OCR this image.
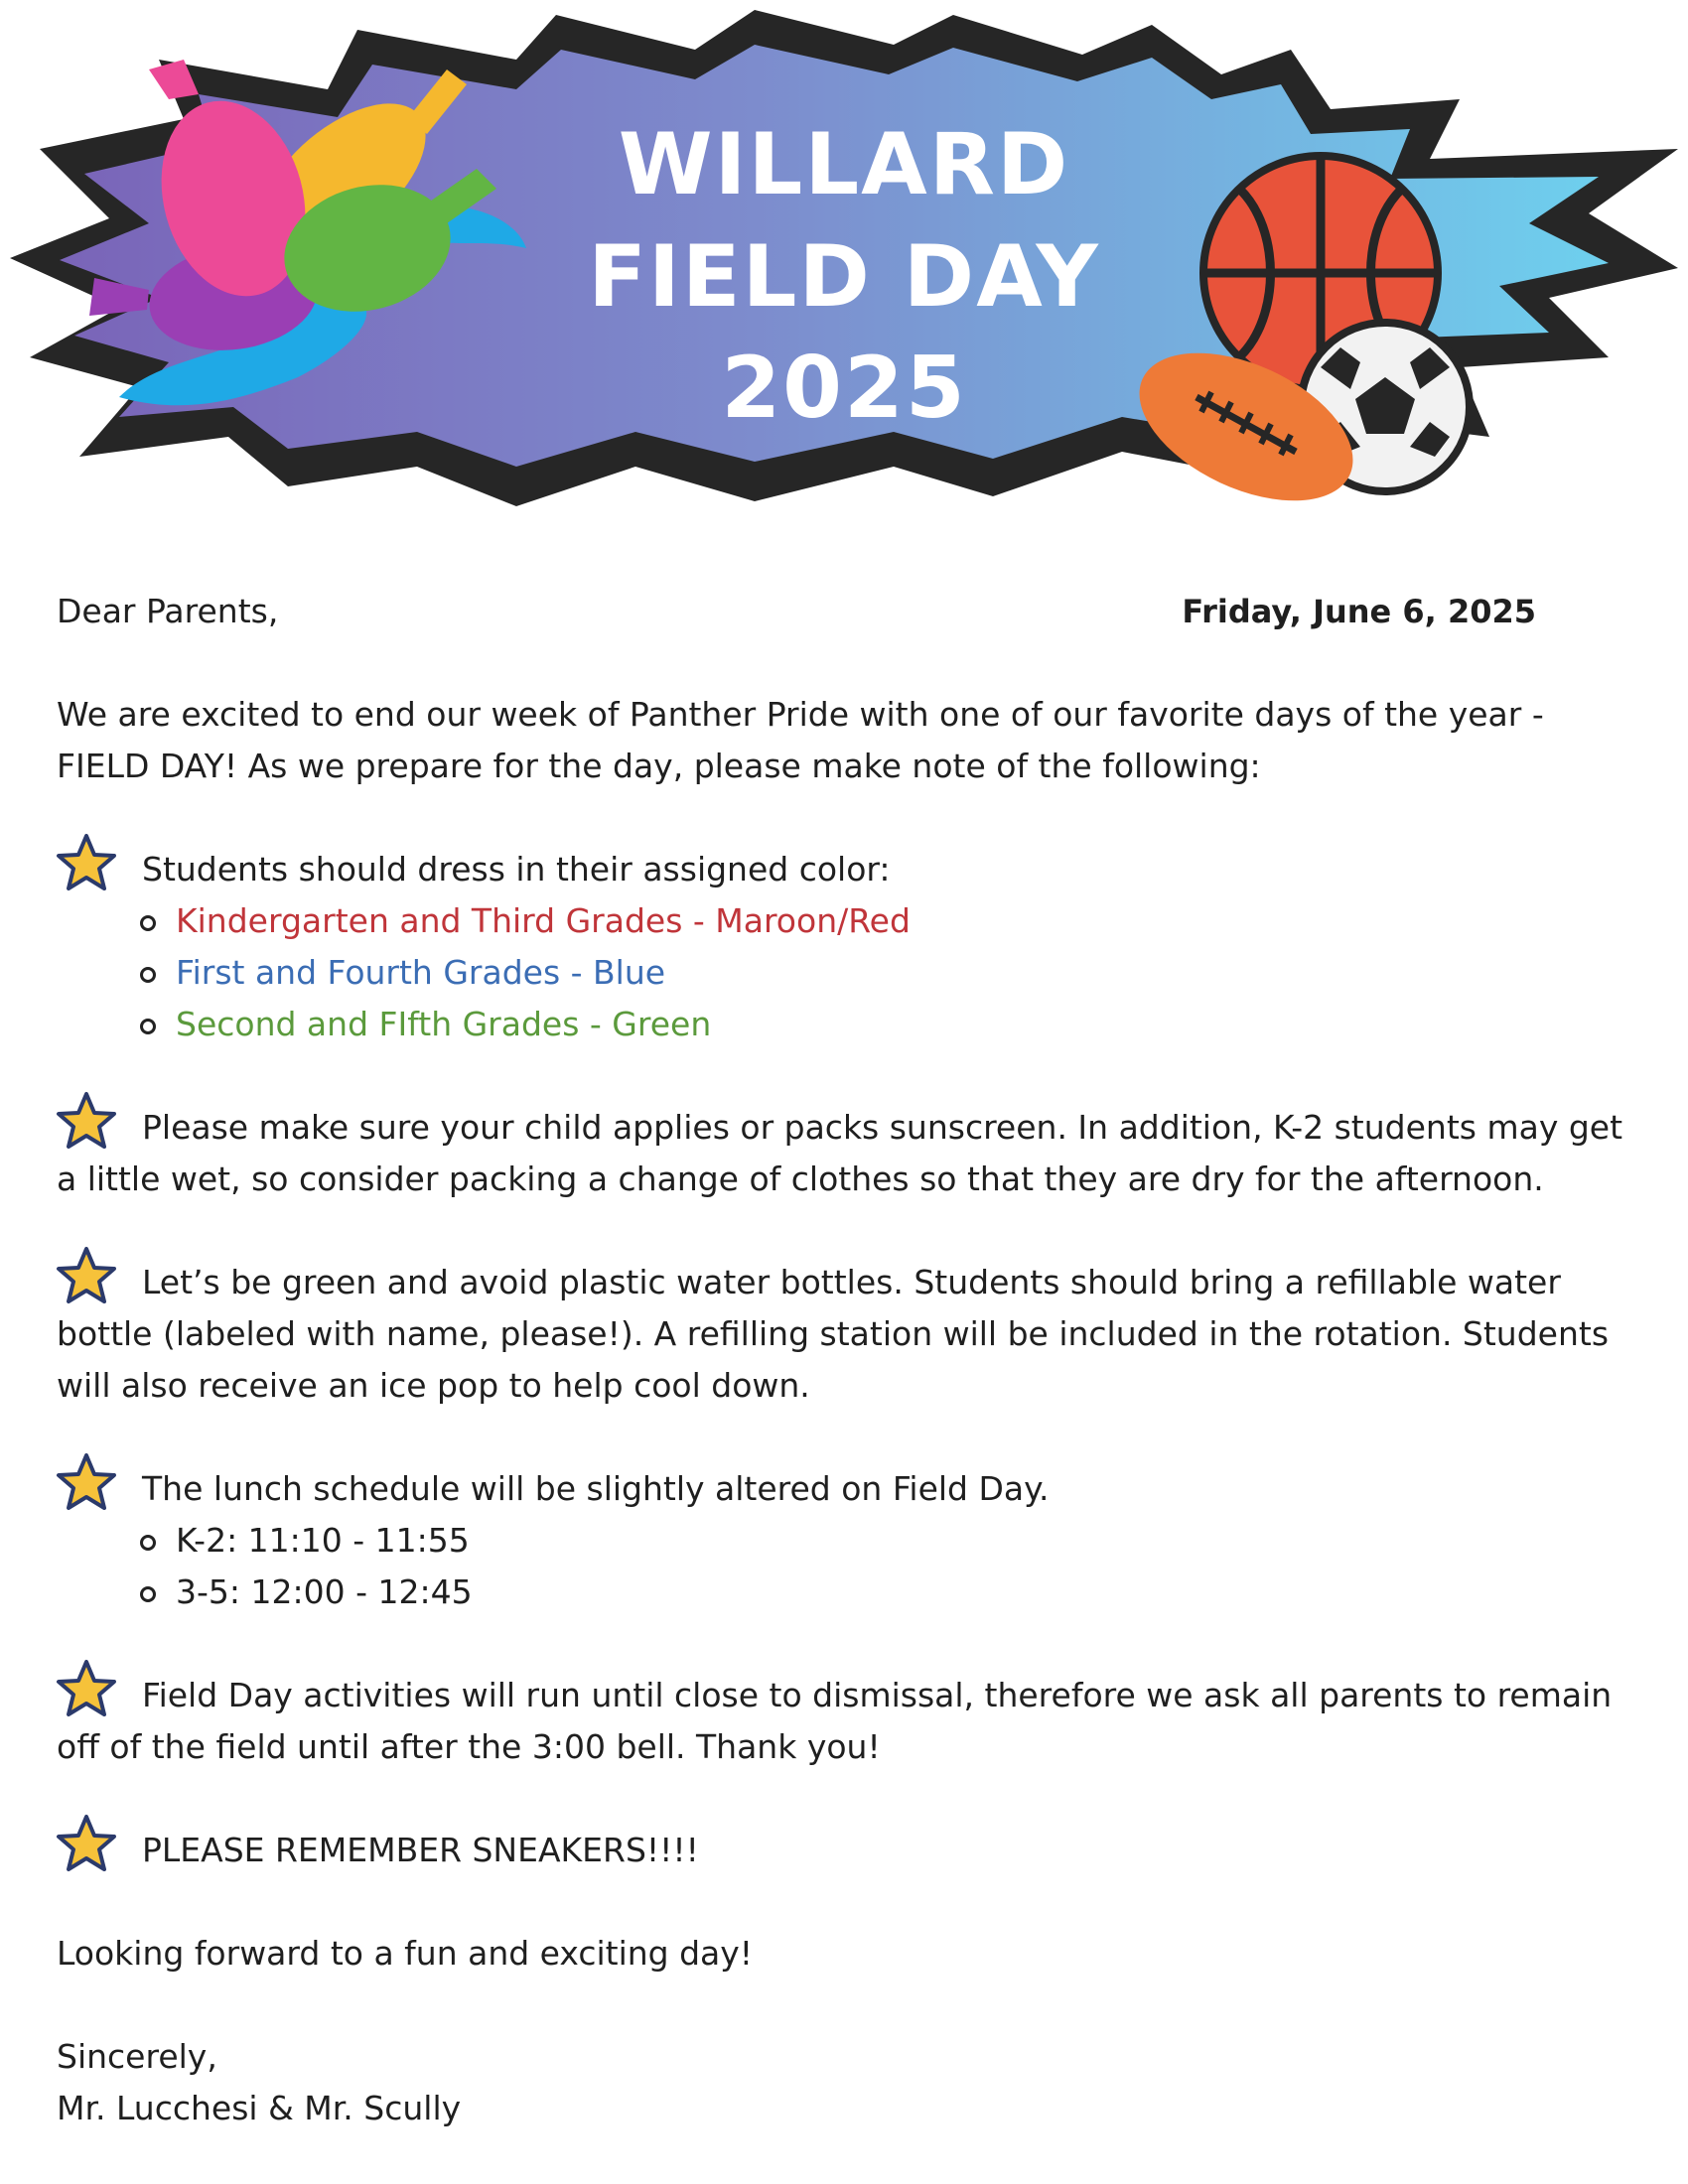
WILLARD
FIELD DAY
2025
Dear Parents,	Friday, June 6, 2025

We are excited to end our week of Panther Pride with one of our favorite days of the year - FIELD DAY! As we prepare for the day, please make note of the following:

Students should dress in their assigned color:

Kindergarten and Third Grades - Maroon/Red
First and Fourth Grades - Blue
Second and FIfth Grades - Green

Please make sure your child applies or packs sunscreen. In addition, K-2 students may get a little wet, so consider packing a change of clothes so that they are dry for the afternoon.

Let’s be green and avoid plastic water bottles. Students should bring a refillable water bottle (labeled with name, please!). A refilling station will be included in the rotation. Students will also receive an ice pop to help cool down.

The lunch schedule will be slightly altered on Field Day.

K-2: 11:10 - 11:55
3-5: 12:00 - 12:45

Field Day activities will run until close to dismissal, therefore we ask all parents to remain off of the field until after the 3:00 bell. Thank you!

PLEASE REMEMBER SNEAKERS!!!!

Looking forward to a fun and exciting day!

Sincerely,

Mr. Lucchesi & Mr. Scully
